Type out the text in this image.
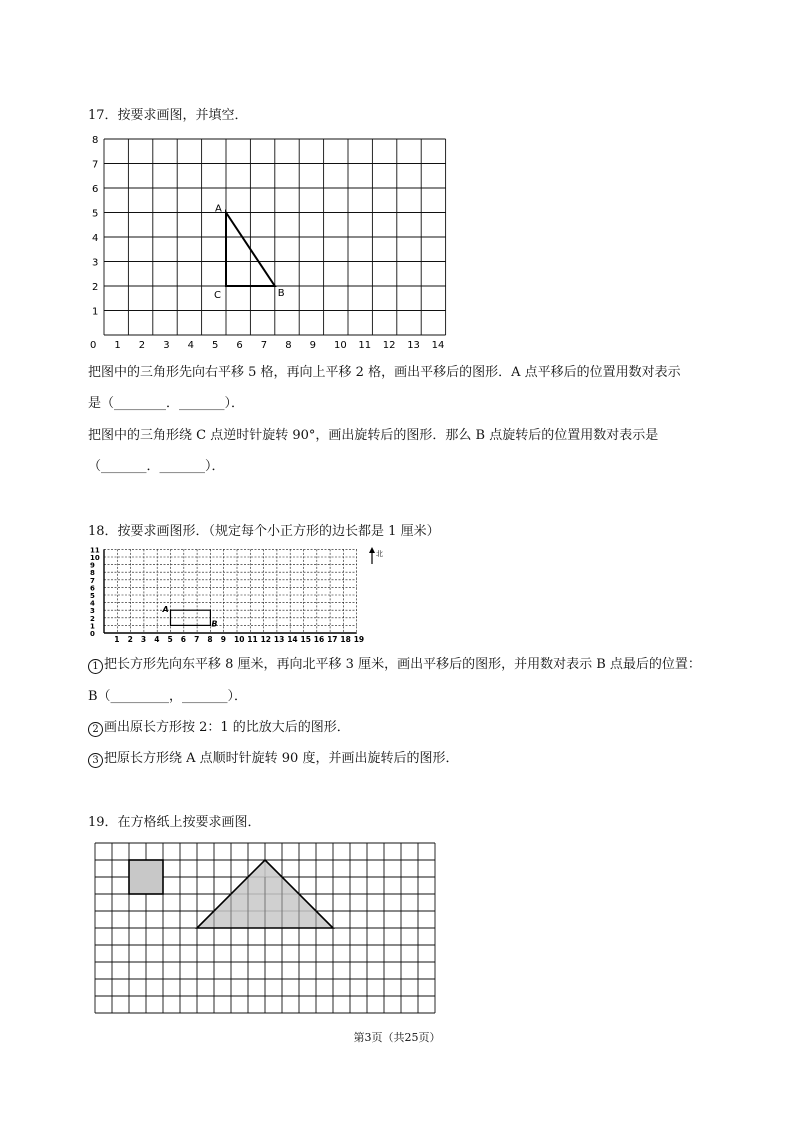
17．按要求画图，并填空．
0 1 2 3 4 5 6 7 8 9 10 11 12 13 14
8
7
6
5
4
3
2
1
A
B
C
把图中的三角形先向右平移 5 格，再向上平移 2 格，画出平移后的图形．A 点平移后的位置用数对表示
是（________．_______）．
把图中的三角形绕 C 点逆时针旋转 90°，画出旋转后的图形．那么 B 点旋转后的位置用数对表示是
（_______．_______）．
18．按要求画图形．（规定每个小正方形的边长都是 1 厘米）
1 2 3 4 5 6 7 8 9 10 11 12 13 14 15 16 17 18 19
11
10
9
8
7
6
5
4
3
2
1
0
北
A
B
1 把长方形先向东平移 8 厘米，再向北平移 3 厘米，画出平移后的图形，并用数对表示 B 点最后的位置：
B（_________，_______）．
2 画出原长方形按 2：1 的比放大后的图形．
3 把原长方形绕 A 点顺时针旋转 90 度，并画出旋转后的图形．
19．在方格纸上按要求画图．
第3页（共25页）
